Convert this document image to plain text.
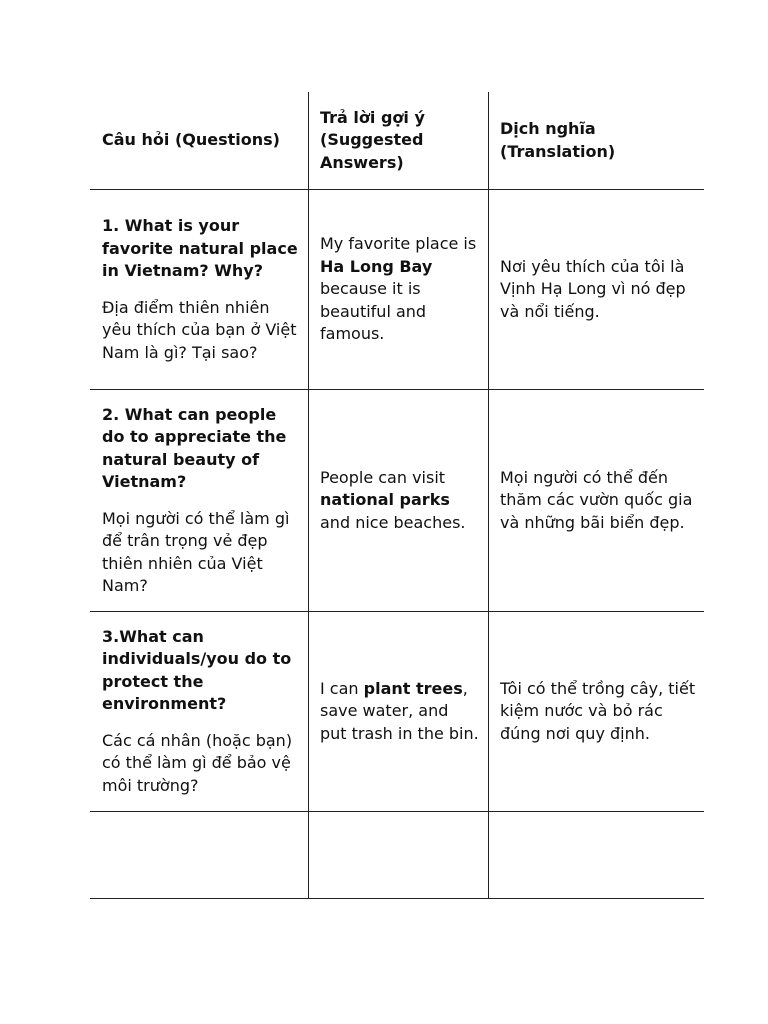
Câu hỏi (Questions)
Trả lời gợi ý (Suggested Answers)
Dịch nghĩa (Translation)
1. What is your favorite natural place in Vietnam? Why?
Địa điểm thiên nhiên yêu thích của bạn ở Việt Nam là gì? Tại sao?
My favorite place is Ha Long Bay because it is beautiful and famous.
Nơi yêu thích của tôi là Vịnh Hạ Long vì nó đẹp và nổi tiếng.
2. What can people do to appreciate the natural beauty of Vietnam?
Mọi người có thể làm gì để trân trọng vẻ đẹp thiên nhiên của Việt Nam?
People can visit national parks and nice beaches.
Mọi người có thể đến thăm các vườn quốc gia và những bãi biển đẹp.
3.What can individuals/you do to protect the environment?
Các cá nhân (hoặc bạn) có thể làm gì để bảo vệ môi trường?
I can plant trees, save water, and put trash in the bin.
Tôi có thể trồng cây, tiết kiệm nước và bỏ rác đúng nơi quy định.
